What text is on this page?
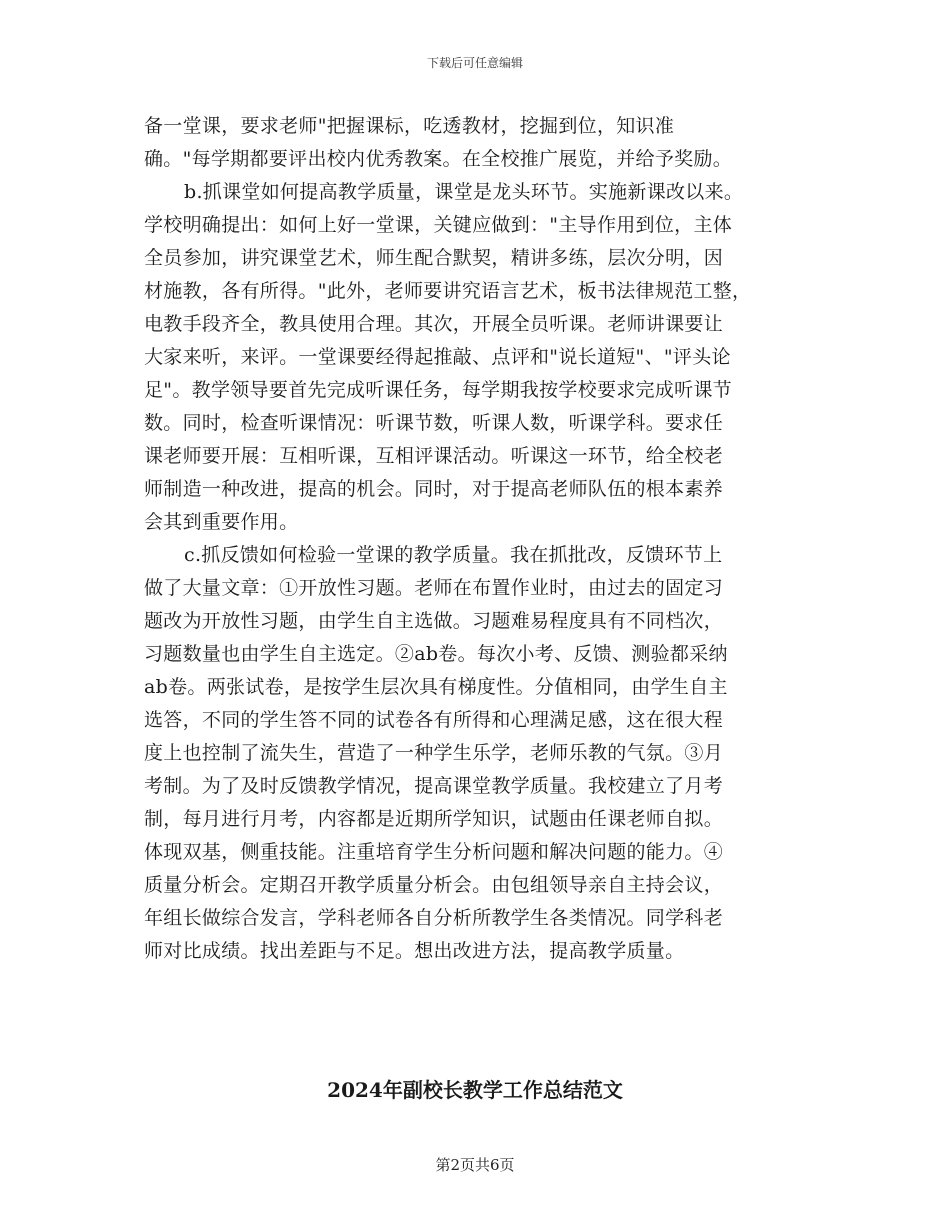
下载后可任意编辑
备一堂课，要求老师"把握课标，吃透教材，挖掘到位，知识准
确。"每学期都要评出校内优秀教案。在全校推广展览，并给予奖励。
b.抓课堂如何提高教学质量，课堂是龙头环节。实施新课改以来。
学校明确提出：如何上好一堂课，关键应做到："主导作用到位，主体
全员参加，讲究课堂艺术，师生配合默契，精讲多练，层次分明，因
材施教，各有所得。"此外，老师要讲究语言艺术，板书法律规范工整，
电教手段齐全，教具使用合理。其次，开展全员听课。老师讲课要让
大家来听，来评。一堂课要经得起推敲、点评和"说长道短"、"评头论
足"。教学领导要首先完成听课任务，每学期我按学校要求完成听课节
数。同时，检查听课情况：听课节数，听课人数，听课学科。要求任
课老师要开展：互相听课，互相评课活动。听课这一环节，给全校老
师制造一种改进，提高的机会。同时，对于提高老师队伍的根本素养
会其到重要作用。
c.抓反馈如何检验一堂课的教学质量。我在抓批改，反馈环节上
做了大量文章：①开放性习题。老师在布置作业时，由过去的固定习
题改为开放性习题，由学生自主选做。习题难易程度具有不同档次，
习题数量也由学生自主选定。②ab卷。每次小考、反馈、测验都采纳
ab卷。两张试卷，是按学生层次具有梯度性。分值相同，由学生自主
选答，不同的学生答不同的试卷各有所得和心理满足感，这在很大程
度上也控制了流失生，营造了一种学生乐学，老师乐教的气氛。③月
考制。为了及时反馈教学情况，提高课堂教学质量。我校建立了月考
制，每月进行月考，内容都是近期所学知识，试题由任课老师自拟。
体现双基，侧重技能。注重培育学生分析问题和解决问题的能力。④
质量分析会。定期召开教学质量分析会。由包组领导亲自主持会议，
年组长做综合发言，学科老师各自分析所教学生各类情况。同学科老
师对比成绩。找出差距与不足。想出改进方法，提高教学质量。
2024年副校长教学工作总结范文
第2页共6页
